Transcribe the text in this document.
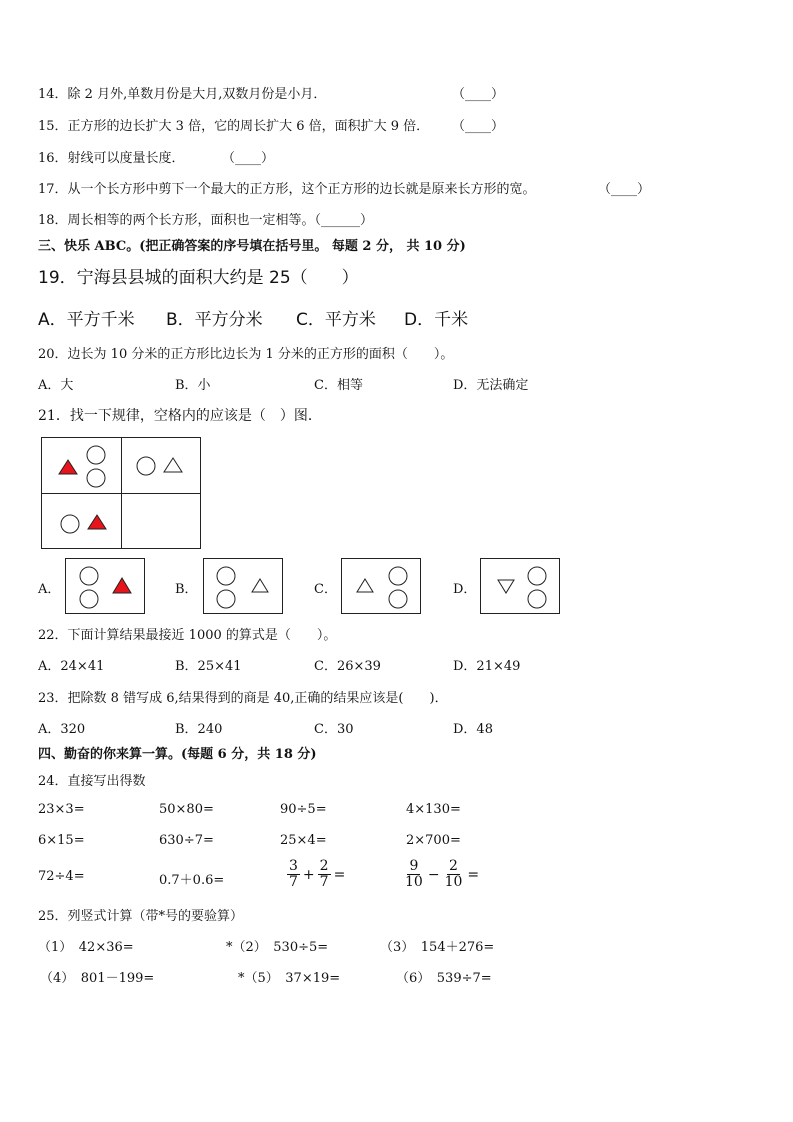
14．除 2 月外,单数月份是大月,双数月份是小月．	（____）
15．正方形的边长扩大 3 倍，它的周长扩大 6 倍，面积扩大 9 倍． （____）
16．射线可以度量长度．	（____）
17．从一个长方形中剪下一个最大的正方形，这个正方形的边长就是原来长方形的宽。	（____）
18．周长相等的两个长方形，面积也一定相等。（______）
三、快乐 ABC。(把正确答案的序号填在括号里。 每题 2 分， 共 10 分)
19．宁海县县城的面积大约是 25（　　）
A．平方千米 B．平方分米 C．平方米 D．千米
20．边长为 10 分米的正方形比边长为 1 分米的正方形的面积（　　）。
A．大	B．小	C．相等	D．无法确定
21．找一下规律，空格内的应该是（　）图．
A．	B．	C．	D．
22．下面计算结果最接近 1000 的算式是（　　）。
A．24×41	B．25×41	C．26×39	D．21×49
23．把除数 8 错写成 6,结果得到的商是 40,正确的结果应该是(　　)．
A．320	B．240	C．30	D．48
四、勤奋的你来算一算。(每题 6 分，共 18 分)
24．直接写出得数
23×3=	50×80=	90÷5=	4×130=
6×15=	630÷7=	25×4=	2×700=
72÷4=	0.7＋0.6=	$\frac{3}{7} + \frac{2}{7}$ =	$\frac{9}{10} - \frac{2}{10}$ =
25．列竖式计算（带*号的要验算）
（1）　42×36=	*（2）　530÷5=	（3）　154＋276=
（4）　801－199=	*（5）　37×19=	（6）　539÷7=
